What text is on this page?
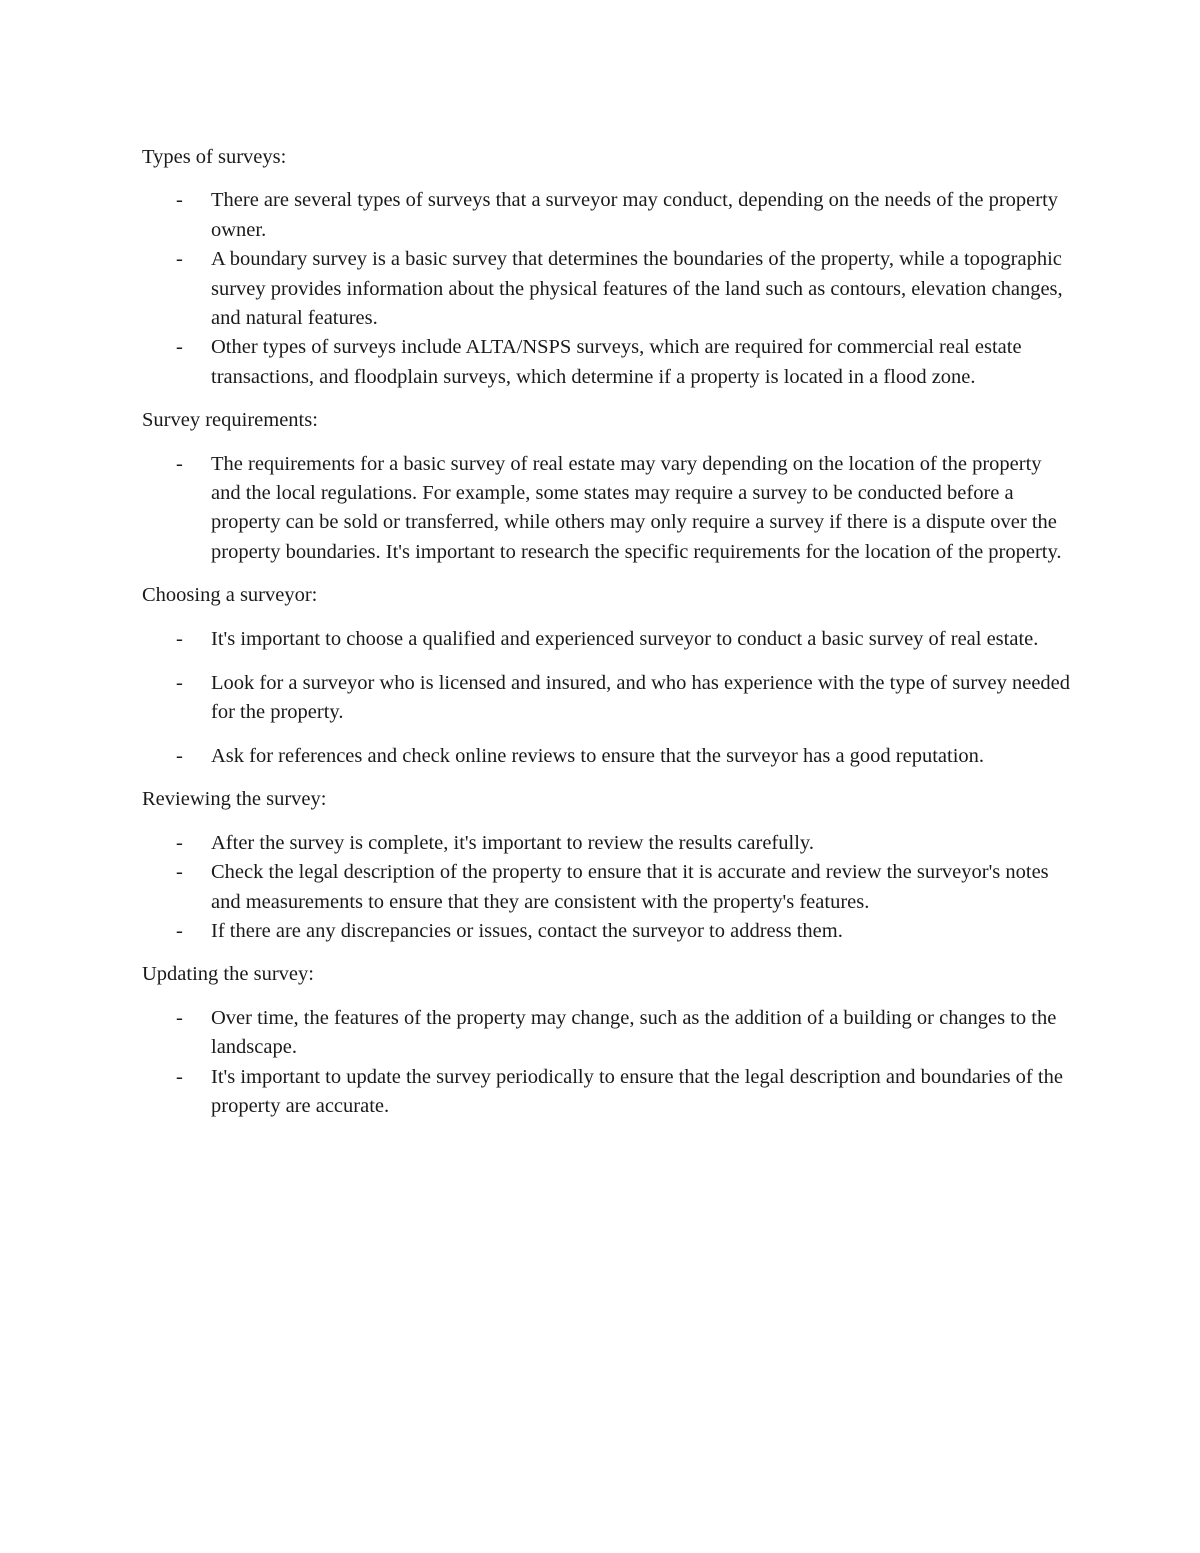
Types of surveys:

- There are several types of surveys that a surveyor may conduct, depending on the needs of the property owner.
- A boundary survey is a basic survey that determines the boundaries of the property, while a topographic survey provides information about the physical features of the land such as contours, elevation changes, and natural features.
- Other types of surveys include ALTA/NSPS surveys, which are required for commercial real estate transactions, and floodplain surveys, which determine if a property is located in a flood zone.

Survey requirements:

- The requirements for a basic survey of real estate may vary depending on the location of the property and the local regulations. For example, some states may require a survey to be conducted before a property can be sold or transferred, while others may only require a survey if there is a dispute over the property boundaries. It's important to research the specific requirements for the location of the property.

Choosing a surveyor:

- It's important to choose a qualified and experienced surveyor to conduct a basic survey of real estate.
- Look for a surveyor who is licensed and insured, and who has experience with the type of survey needed for the property.
- Ask for references and check online reviews to ensure that the surveyor has a good reputation.

Reviewing the survey:

- After the survey is complete, it's important to review the results carefully.
- Check the legal description of the property to ensure that it is accurate and review the surveyor's notes and measurements to ensure that they are consistent with the property's features.
- If there are any discrepancies or issues, contact the surveyor to address them.

Updating the survey:

- Over time, the features of the property may change, such as the addition of a building or changes to the landscape.
- It's important to update the survey periodically to ensure that the legal description and boundaries of the property are accurate.
